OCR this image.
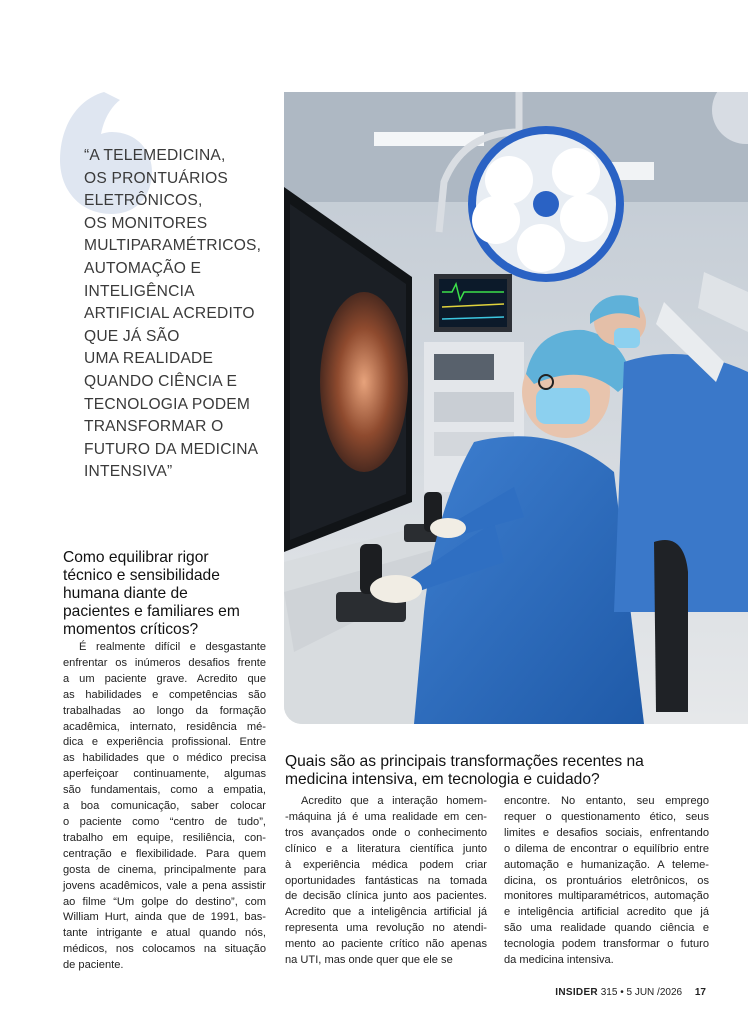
“A TELEMEDICINA,
OS PRONTUÁRIOS
ELETRÔNICOS,
OS MONITORES
MULTIPARAMÉTRICOS,
AUTOMAÇÃO E
INTELIGÊNCIA
ARTIFICIAL ACREDITO
QUE JÁ SÃO
UMA REALIDADE
QUANDO CIÊNCIA E
TECNOLOGIA PODEM
TRANSFORMAR O
FUTURO DA MEDICINA
INTENSIVA”
Como equilibrar rigor
técnico e sensibilidade
humana diante de
pacientes e familiares em
momentos críticos?
É realmente difícil e desgastante
enfrentar os inúmeros desafios frente
a um paciente grave. Acredito que
as habilidades e competências são
trabalhadas ao longo da formação
acadêmica, internato, residência mé-
dica e experiência profissional. Entre
as habilidades que o médico precisa
aperfeiçoar continuamente, algumas
são fundamentais, como a empatia,
a boa comunicação, saber colocar
o paciente como “centro de tudo”,
trabalho em equipe, resiliência, con-
centração e flexibilidade. Para quem
gosta de cinema, principalmente para
jovens acadêmicos, vale a pena assistir
ao filme “Um golpe do destino”, com
William Hurt, ainda que de 1991, bas-
tante intrigante e atual quando nós,
médicos, nos colocamos na situação
de paciente.
Quais são as principais transformações recentes na
medicina intensiva, em tecnologia e cuidado?
Acredito que a interação homem-
-máquina já é uma realidade em cen-
tros avançados onde o conhecimento
clínico e a literatura científica junto
à experiência médica podem criar
oportunidades fantásticas na tomada
de decisão clínica junto aos pacientes.
Acredito que a inteligência artificial já
representa uma revolução no atendi-
mento ao paciente crítico não apenas
na UTI, mas onde quer que ele se
encontre. No entanto, seu emprego
requer o questionamento ético, seus
limites e desafios sociais, enfrentando
o dilema de encontrar o equilíbrio entre
automação e humanização. A teleme-
dicina, os prontuários eletrônicos, os
monitores multiparamétricos, automação
e inteligência artificial acredito que já
são uma realidade quando ciência e
tecnologia podem transformar o futuro
da medicina intensiva.
INSIDER 315 • 5 JUN /2026 17
